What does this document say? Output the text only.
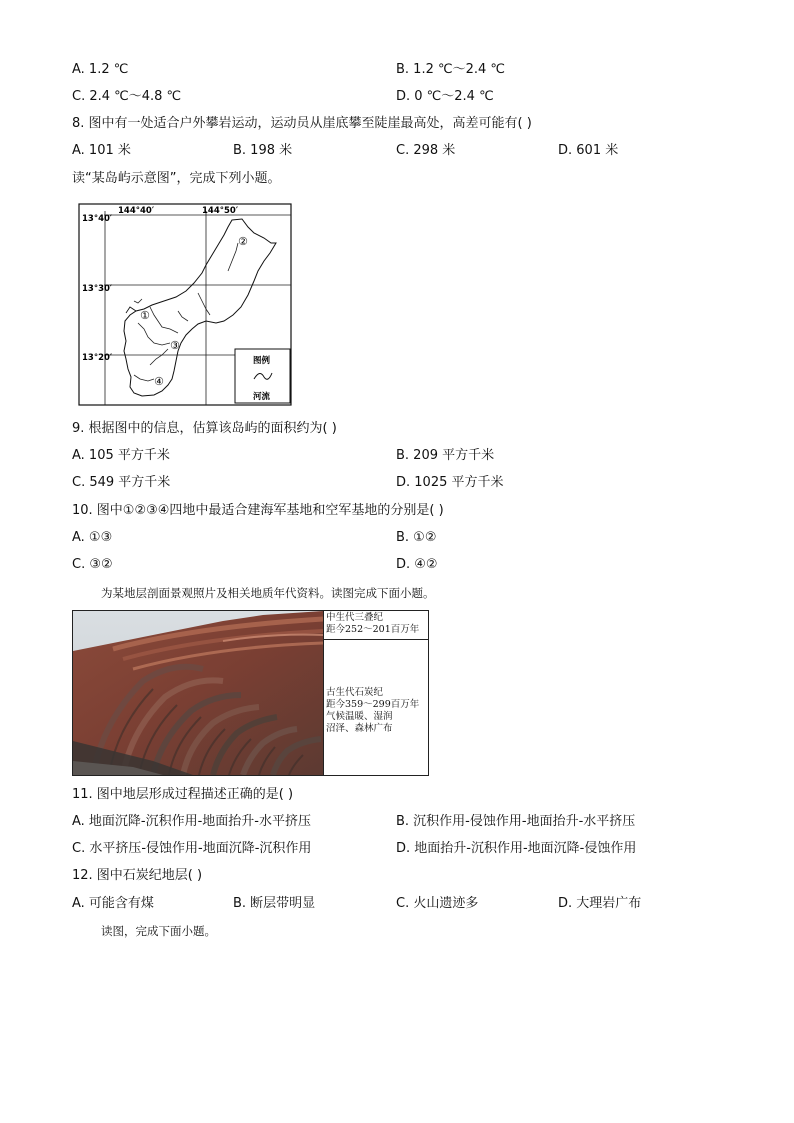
A. 1.2 ℃	B. 1.2 ℃～2.4 ℃
C. 2.4 ℃～4.8 ℃	D. 0 ℃～2.4 ℃
8. 图中有一处适合户外攀岩运动，运动员从崖底攀至陡崖最高处，高差可能有( )
A. 101 米	B. 198 米	C. 298 米	D. 601 米
读“某岛屿示意图”，完成下列小题。
144°40′	144°50′
13°40′
13°30′
13°20′
②
①
③
④
图例
河流
9. 根据图中的信息，估算该岛屿的面积约为( )
A. 105 平方千米	B. 209 平方千米
C. 549 平方千米	D. 1025 平方千米
10. 图中①②③④四地中最适合建海军基地和空军基地的分别是( )
A. ①③	B. ①②
C. ③②	D. ④②
为某地层剖面景观照片及相关地质年代资料。读图完成下面小题。
中生代三叠纪
距今252～201百万年
古生代石炭纪
距今359～299百万年
气候温暖、湿润
沼泽、森林广布
11. 图中地层形成过程描述正确的是( )
A. 地面沉降-沉积作用-地面抬升-水平挤压	B. 沉积作用-侵蚀作用-地面抬升-水平挤压
C. 水平挤压-侵蚀作用-地面沉降-沉积作用	D. 地面抬升-沉积作用-地面沉降-侵蚀作用
12. 图中石炭纪地层( )
A. 可能含有煤	B. 断层带明显	C. 火山遗迹多	D. 大理岩广布
读图，完成下面小题。
